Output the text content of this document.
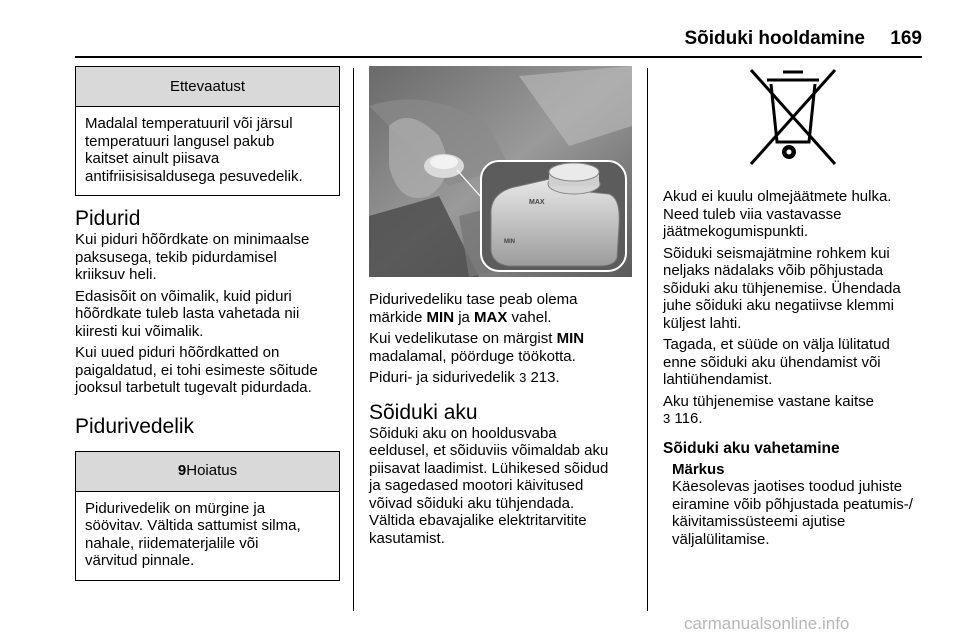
Sõiduki hooldamine 169
Ettevaatust
Madalal temperatuuril või järsul
temperatuuri langusel pakub
kaitset ainult piisava
antifriisisisaldusega pesuvedelik.
Pidurid
Kui piduri hõõrdkate on minimaalse
paksusega, tekib pidurdamisel
kriiksuv heli.
Edasisõit on võimalik, kuid piduri
hõõrdkate tuleb lasta vahetada nii
kiiresti kui võimalik.
Kui uued piduri hõõrdkatted on
paigaldatud, ei tohi esimeste sõitude
jooksul tarbetult tugevalt pidurdada.
Pidurivedelik
9 Hoiatus
Pidurivedelik on mürgine ja
söövitav. Vältida sattumist silma,
nahale, riidematerjalile või
värvitud pinnale.
MAX
MIN
Pidurivedeliku tase peab olema
märkide MIN ja MAX vahel.
Kui vedelikutase on märgist MIN
madalamal, pöörduge töökotta.
Piduri- ja sidurivedelik 3 213.
Sõiduki aku
Sõiduki aku on hooldusvaba
eeldusel, et sõiduviis võimaldab aku
piisavat laadimist. Lühikesed sõidud
ja sagedased mootori käivitused
võivad sõiduki aku tühjendada.
Vältida ebavajalike elektritarvitite
kasutamist.
Akud ei kuulu olmejäätmete hulka.
Need tuleb viia vastavasse
jäätmekogumispunkti.
Sõiduki seismajätmine rohkem kui
neljaks nädalaks võib põhjustada
sõiduki aku tühjenemise. Ühendada
juhe sõiduki aku negatiivse klemmi
küljest lahti.
Tagada, et süüde on välja lülitatud
enne sõiduki aku ühendamist või
lahtiühendamist.
Aku tühjenemise vastane kaitse
3 116.
Sõiduki aku vahetamine
Märkus
Käesolevas jaotises toodud juhiste
eiramine võib põhjustada peatumis-/
käivitamissüsteemi ajutise
väljalülitamise.
carmanualsonline.info
